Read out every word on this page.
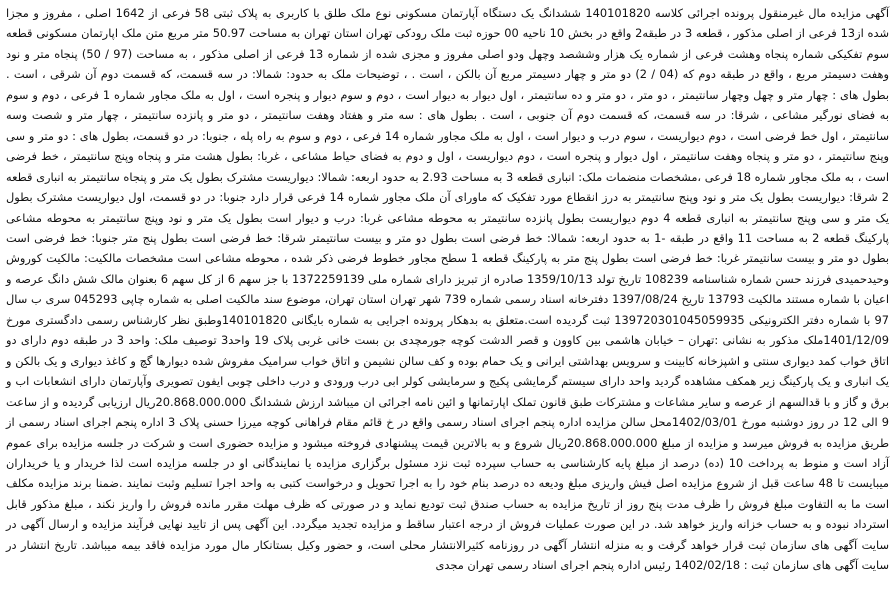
آگهی مزایده مال غیرمنقول پرونده اجرائی کلاسه 140101820 ششدانگ یک دستگاه آپارتمان مسکونی نوع ملک طلق با کاربری به پلاک ثبتی 58 فرعی از 1642 اصلی ، مفروز و مجزا شده از13 فرعی از اصلی مذکور ، قطعه 3 در طبقه2 واقع در بخش 10 ناحیه 00 حوزه ثبت ملک رودکی تهران استان تهران به مساحت 50.97 متر مربع متن ملک اپارتمان مسکونی قطعه سوم تفکیکی شماره پنجاه وهشت فرعی از شماره یک هزار وششصد وچهل ودو اصلی مفروز و مجزی شده از شماره 13 فرعی از اصلی مذکور ، به مساحت (97 / 50) پنجاه متر و نود وهفت دسیمتر مربع ، واقع در طبقه دوم که (04 / 2) دو متر و چهار دسیمتر مربع آن بالکن ، است . ، توضیحات ملک به حدود: شمالا: در سه قسمت، که قسمت دوم آن شرقی ، است . بطول های : چهار متر و چهل وچهار سانتیمتر ، دو متر ، دو متر و ده سانتیمتر ، اول دیوار به دیوار است ، دوم و سوم دیوار و پنجره است ، اول به ملک مجاور شماره 1 فرعی ، دوم و سوم به فضای نورگیر مشاعی ، شرقا: در سه قسمت، که قسمت دوم آن جنوبی ، است . بطول های : سه متر و هفتاد وهفت سانتیمتر ، دو متر و پانزده سانتیمتر ، چهار متر و شصت وسه سانتیمتر ، اول خط فرضی است ، دوم دیواریست ، سوم درب و دیوار است ، اول به ملک مجاور شماره 14 فرعی ، دوم و سوم به راه پله ، جنوبا: در دو قسمت، بطول های : دو متر و سی وپنج سانتیمتر ، دو متر و پنجاه وهفت سانتیمتر ، اول دیوار و پنجره است ، دوم دیواریست ، اول و دوم به فضای حیاط مشاعی ، غربا: بطول هشت متر و پنجاه وپنج سانتیمتر ، خط فرضی است ، به ملک مجاور شماره 18 فرعی ،مشخصات منضمات ملک: انباری قطعه 3 به مساحت 2.93 به حدود اربعه: شمالا: دیواریست مشترک بطول یک متر و پنجاه سانتیمتر به انباری قطعه 2 شرقا: دیواریست بطول یک متر و نود وپنج سانتیمتر به درز انقطاع مورد تفکیک که ماورای آن ملک مجاور شماره 14 فرعی قرار دارد جنوبا: در دو قسمت، اول دیواریست مشترک بطول یک متر و سی وپنج سانتیمتر به انباری قطعه 4 دوم دیواریست بطول پانزده سانتیمتر به محوطه مشاعی غربا: درب و دیوار است بطول یک متر و نود وپنج سانتیمتر به محوطه مشاعی پارکینگ قطعه 2 به مساحت 11 واقع در طبقه -1 به حدود اربعه: شمالا: خط فرضی است بطول دو متر و بیست سانتیمتر شرقا: خط فرضی است بطول پنج متر جنوبا: خط فرضی است بطول دو متر و بیست سانتیمتر غربا: خط فرضی است بطول پنج متر به پارکینگ قطعه 1 سطح مجاور خطوط فرضی ذکر شده ، محوطه مشاعی است مشخصات مالکیت: مالکیت کوروش وحیدحمیدی فرزند حسن شماره شناسنامه 108239 تاریخ تولد 1359/10/13 صادره از تبریز دارای شماره ملی 1372259139 با جز سهم 6 از کل سهم 6 بعنوان مالک شش دانگ عرصه و اعیان با شماره مستند مالکیت 13793 تاریخ 1397/08/24 دفترخانه اسناد رسمی شماره 739 شهر تهران استان تهران، موضوع سند مالکیت اصلی به شماره چاپی 045293 سری ب سال 97 با شماره دفتر الکترونیکی 139720301045059935 ثبت گردیده است.متعلق به بدهکار پرونده اجرایی به شماره بایگانی 140101820وطبق نظر کارشناس رسمی دادگستری مورخ 1401/12/09ملک مذکور به نشانی :تهران – خیابان هاشمی بین کاوون و قصر الدشت کوچه جورمچدی بن بست خانی غربی پلاک 19 واحد3 توصیف ملک: واحد 3 در طبقه دوم دارای دو اتاق خواب کمد دیواری سنتی و اشپزخانه کابینت و سرویس بهداشتی ایرانی و یک حمام بوده و کف سالن نشیمن و اتاق خواب سرامیک مفروش شده دیوارها گچ و کاغذ دیواری و یک بالکن و یک انباری و یک پارکینگ زیر همکف مشاهده گردید واحد دارای سیستم گرمایشی پکیج و سرمایشی کولر ابی درب ورودی و درب داخلی چوبی ایفون تصویری وآپارتمان دارای انشعابات اب و برق و گاز و با قدالسهم از عرصه و سایر مشاعات و مشترکات طبق قانون تملک اپارتمانها و ائین نامه اجرائی ان میباشد ارزش ششدانگ 20.868.000.000ریال ارزیابی گردیده و از ساعت 9 الی 12 در روز دوشنبه مورخ 1402/03/01محل سالن مزایده اداره پنجم اجرای اسناد رسمی واقع در خ قائم مقام فراهانی کوچه میرزا حسنی پلاک 3 اداره پنجم اجرای اسناد رسمی از طریق مزایده به فروش میرسد و مزایده از مبلغ 20.868.000.000ریال شروع و به بالاترین قیمت پیشنهادی فروخته میشود و مزایده حضوری است و شرکت در جلسه مزایده برای عموم آزاد است و منوط به پرداخت 10 (ده) درصد از مبلغ پایه کارشناسی به حساب سپرده ثبت نزد مسئول برگزاری مزایده یا نمایندگانی او در جلسه مزایده است لذا خریدار و یا خریداران میبایست تا 48 ساعت قبل از شروع مزایده اصل فیش واریزی مبلغ ودیعه ده درصد بنام خود را به اجرا تحویل و درخواست کتبی به واحد اجرا تسلیم وثبت نمایند .ضمنا برند مزایده مکلف است ما به التفاوت مبلغ فروش را ظرف مدت پنج روز از تاریخ مزایده به حساب صندق ثبت تودیع نماید و در صورتی که ظرف مهلت مقرر مانده فروش را واریز نکند ، مبلغ مذکور قابل استرداد نبوده و به حساب خزانه واریز خواهد شد. در این صورت عملیات فروش از درجه اعتبار ساقط و مزایده تجدید میگردد. این آگهی پس از تایید نهایی فرآیند مزایده و ارسال آگهی در سایت آگهی های سازمان ثبت قرار خواهد گرفت و به منزله انتشار آگهی در روزنامه کثیرالانتشار محلی است، و حضور وکیل بستانکار مال مورد مزایده فاقد بیمه میباشد. تاریخ انتشار در سایت آگهی های سازمان ثبت : 1402/02/18 رئیس اداره پنجم اجرای اسناد رسمی تهران مجدی
